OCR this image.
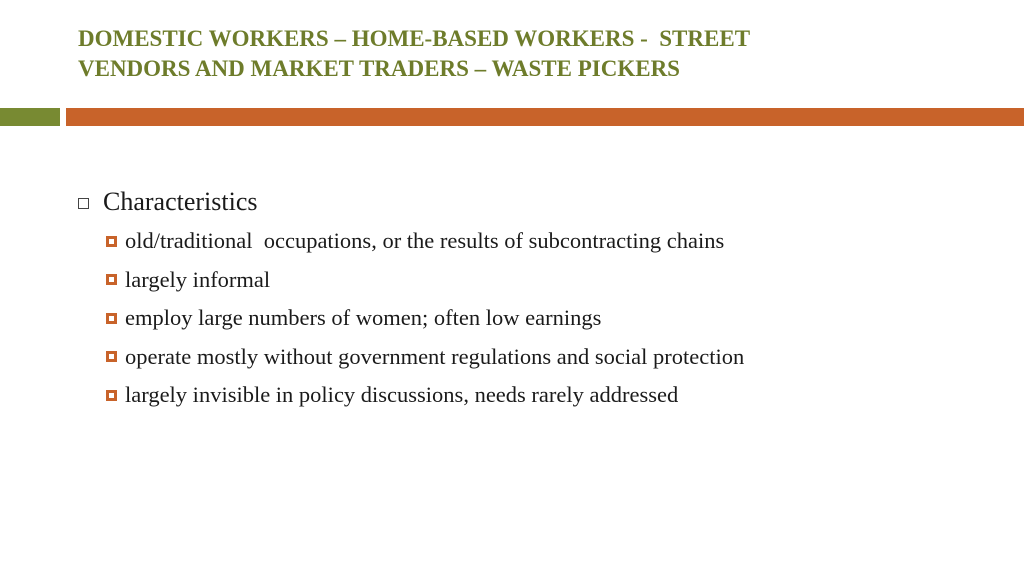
DOMESTIC WORKERS – HOME-BASED WORKERS -  STREET
VENDORS AND MARKET TRADERS – WASTE PICKERS
Characteristics
old/traditional  occupations, or the results of subcontracting chains
largely informal
employ large numbers of women; often low earnings
operate mostly without government regulations and social protection
largely invisible in policy discussions, needs rarely addressed
